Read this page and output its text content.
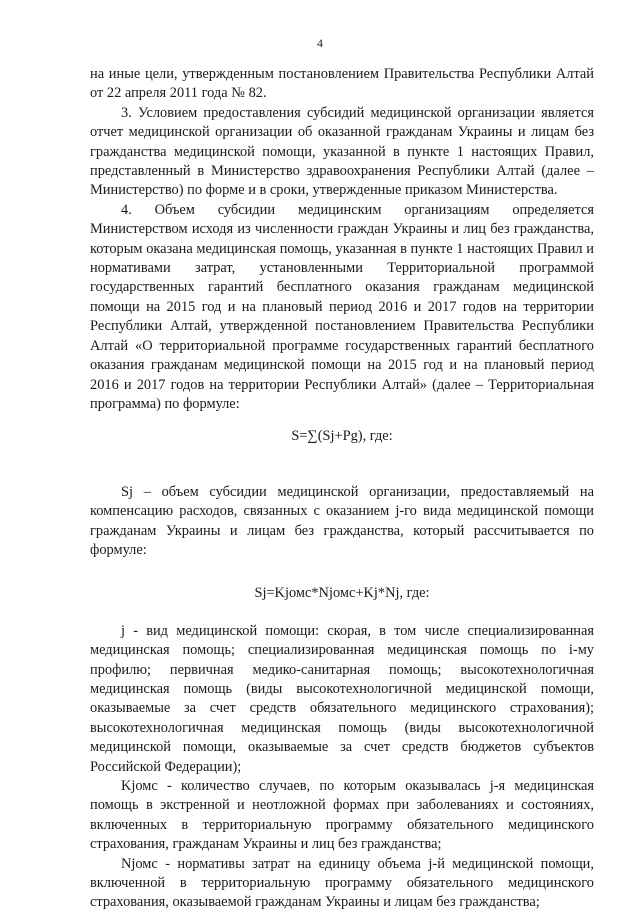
4

на иные цели, утвержденным постановлением Правительства Республики Алтай от 22 апреля 2011 года № 82.

3. Условием предоставления субсидий медицинской организации является отчет медицинской организации об оказанной гражданам Украины и лицам без гражданства медицинской помощи, указанной в пункте 1 настоящих Правил, представленный в Министерство здравоохранения Республики Алтай (далее – Министерство) по форме и в сроки, утвержденные приказом Министерства.

4. Объем субсидии медицинским организациям определяется Министерством исходя из численности граждан Украины и лиц без гражданства, которым оказана медицинская помощь, указанная в пункте 1 настоящих Правил и нормативами затрат, установленными Территориальной программой государственных гарантий бесплатного оказания гражданам медицинской помощи на 2015 год и на плановый период 2016 и 2017 годов на территории Республики Алтай, утвержденной постановлением Правительства Республики Алтай «О территориальной программе государственных гарантий бесплатного оказания гражданам медицинской помощи на 2015 год и на плановый период 2016 и 2017 годов на территории Республики Алтай» (далее – Территориальная программа) по формуле:

S=∑(Sj+Pg), где:

Sj – объем субсидии медицинской организации, предоставляемый на компенсацию расходов, связанных с оказанием j-го вида медицинской помощи гражданам Украины и лицам без гражданства, который рассчитывается по формуле:

Sj=Kjомс*Njомс+Kj*Nj, где:

j - вид медицинской помощи: скорая, в том числе специализированная медицинская помощь; специализированная медицинская помощь по i-му профилю; первичная медико-санитарная помощь; высокотехнологичная медицинская помощь (виды высокотехнологичной медицинской помощи, оказываемые за счет средств обязательного медицинского страхования); высокотехнологичная медицинская помощь (виды высокотехнологичной медицинской помощи, оказываемые за счет средств бюджетов субъектов Российской Федерации);

Kjомс - количество случаев, по которым оказывалась j-я медицинская помощь в экстренной и неотложной формах при заболеваниях и состояниях, включенных в территориальную программу обязательного медицинского страхования, гражданам Украины и лиц без гражданства;

Njомс - нормативы затрат на единицу объема j-й медицинской помощи, включенной в территориальную программу обязательного медицинского страхования, оказываемой гражданам Украины и лицам без гражданства;
